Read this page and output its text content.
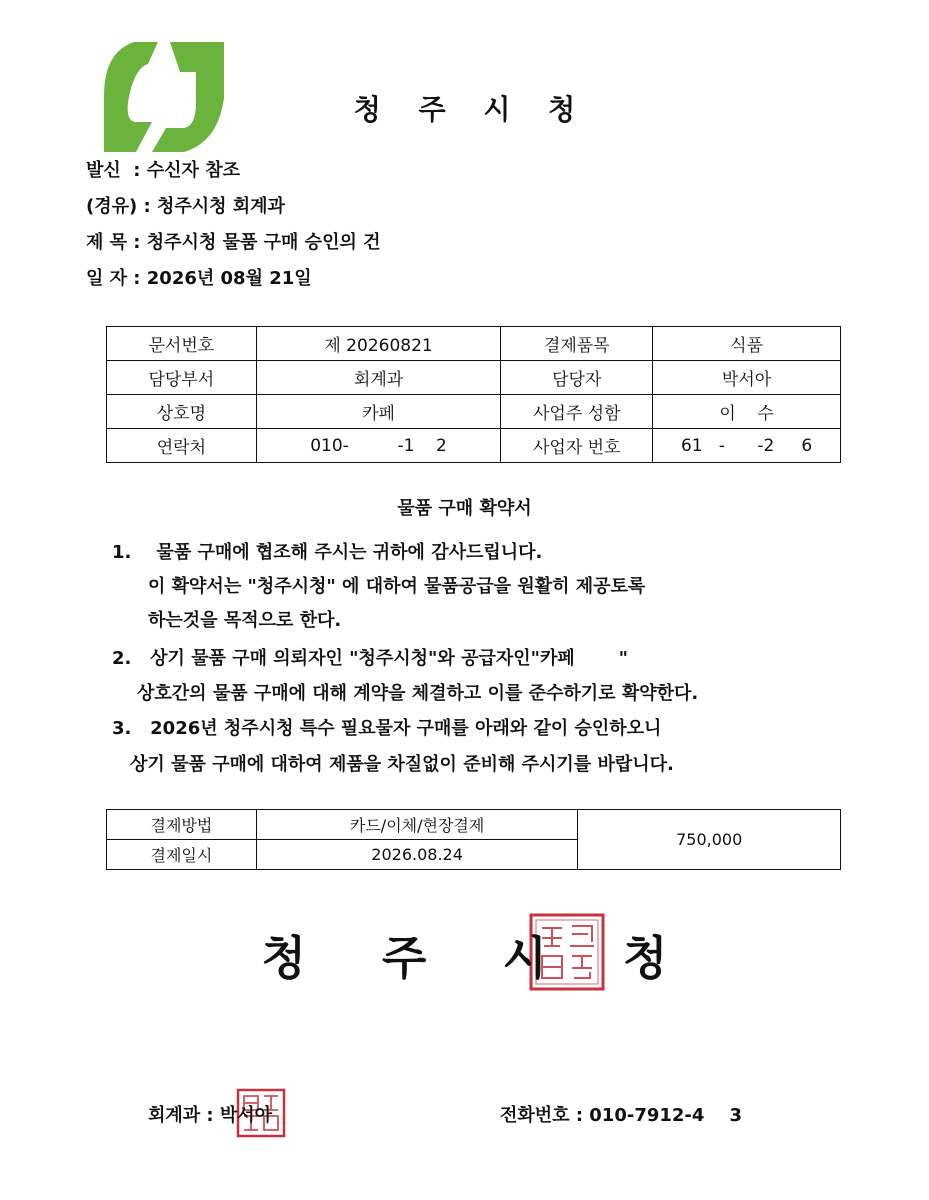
청 주 시 청
발신  : 수신자 참조
(경유) : 청주시청 회계과
제 목 : 청주시청 물품 구매 승인의 건
일 자 : 2026년 08월 21일
문서번호	제 20260821	결제품목	식품
담당부서	회계과	담당자	박서아
상호명	카페	사업주 성함	이    수
연락처	010-         -1    2	사업자 번호	61   -      -2     6
물품 구매 확약서
1.    물품 구매에 협조해 주시는 귀하에 감사드립니다.
이 확약서는 "청주시청" 에 대하여 물품공급을 원활히 제공토록
하는것을 목적으로 한다.
2.   상기 물품 구매 의뢰자인 "청주시청"와 공급자인"카페       "
상호간의 물품 구매에 대해 계약을 체결하고 이를 준수하기로 확약한다.
3.   2026년 청주시청 특수 필요물자 구매를 아래와 같이 승인하오니
상기 물품 구매에 대하여 제품을 차질없이 준비해 주시기를 바랍니다.
결제방법	카드/이체/현장결제	750,000
결제일시	2026.08.24	
청 주 시 청
회계과 : 박서아	전화번호 : 010-7912-4    3
